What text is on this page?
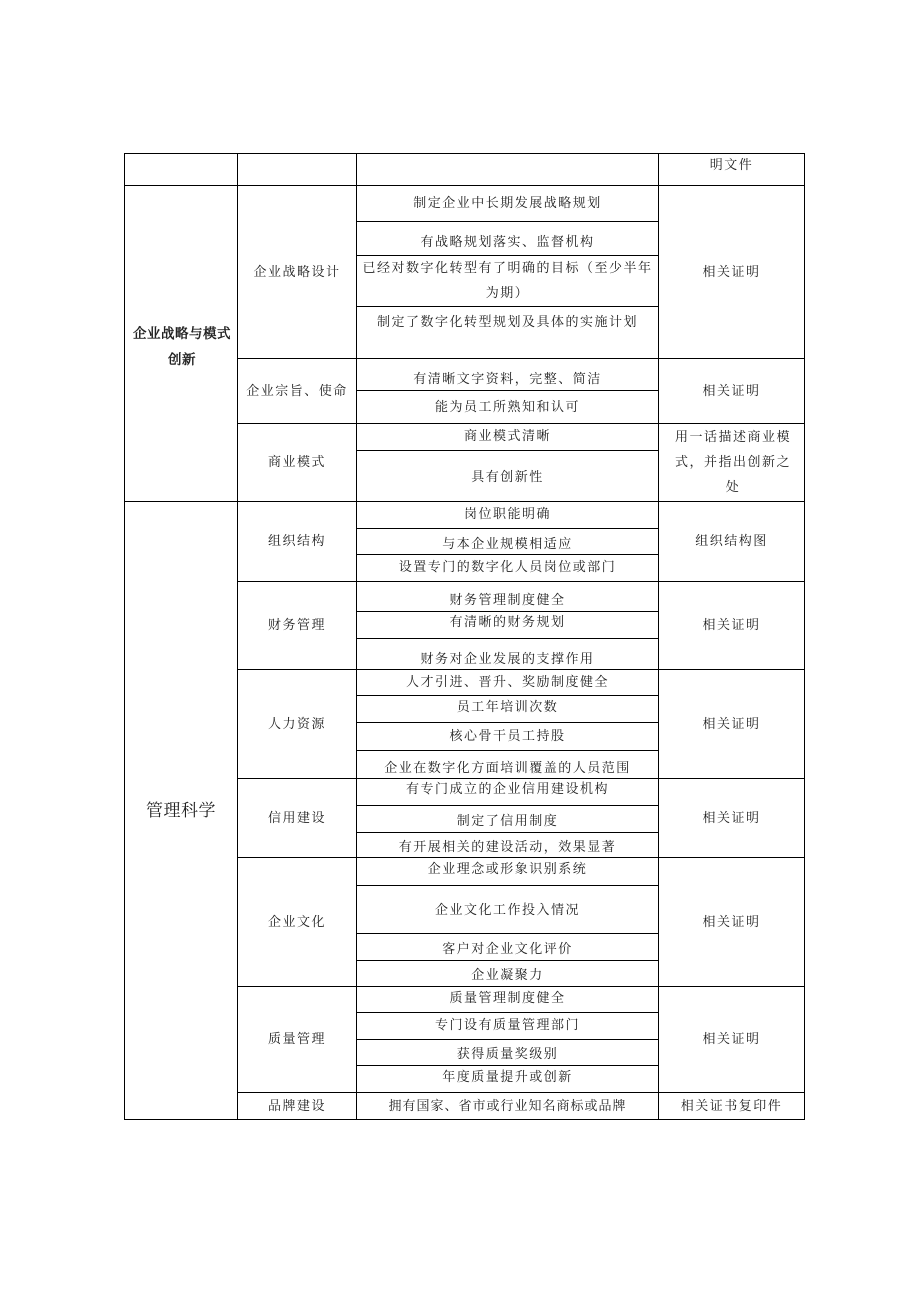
明文件
企业战略与模式创新
企业战略设计
制定企业中长期发展战略规划
有战略规划落实、监督机构
已经对数字化转型有了明确的目标（至少半年为期）
制定了数字化转型规划及具体的实施计划
相关证明
企业宗旨、使命
有清晰文字资料，完整、简洁
能为员工所熟知和认可
相关证明
商业模式
商业模式清晰
具有创新性
用一话描述商业模式，并指出创新之处
管理科学
组织结构
岗位职能明确
与本企业规模相适应
设置专门的数字化人员岗位或部门
组织结构图
财务管理
财务管理制度健全
有清晰的财务规划
财务对企业发展的支撑作用
相关证明
人力资源
人才引进、晋升、奖励制度健全
员工年培训次数
核心骨干员工持股
企业在数字化方面培训覆盖的人员范围
相关证明
信用建设
有专门成立的企业信用建设机构
制定了信用制度
有开展相关的建设活动，效果显著
相关证明
企业文化
企业理念或形象识别系统
企业文化工作投入情况
客户对企业文化评价
企业凝聚力
相关证明
质量管理
质量管理制度健全
专门设有质量管理部门
获得质量奖级别
年度质量提升或创新
相关证明
品牌建设	拥有国家、省市或行业知名商标或品牌	相关证书复印件
